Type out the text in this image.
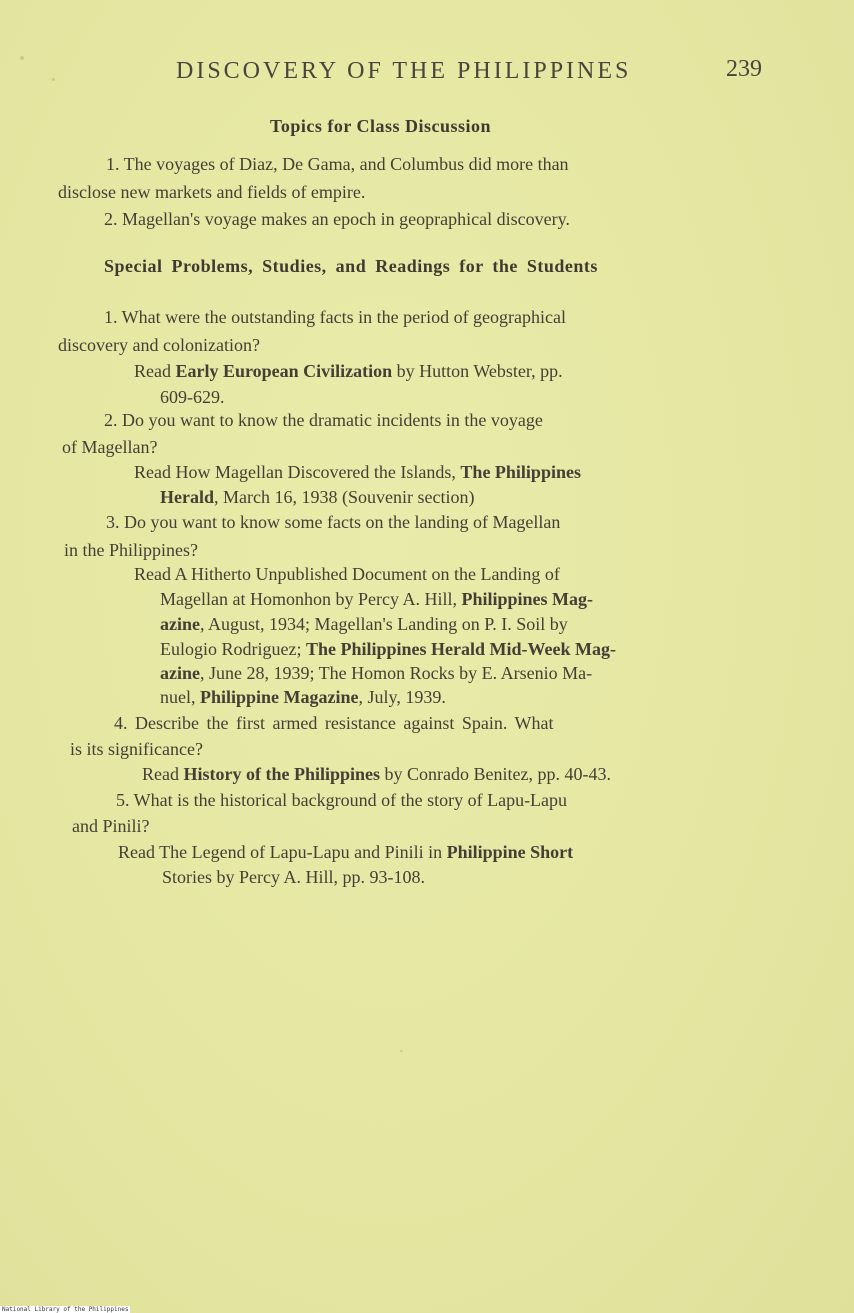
DISCOVERY OF THE PHILIPPINES	239
Topics for Class Discussion
1. The voyages of Diaz, De Gama, and Columbus did more than
disclose new markets and fields of empire.
2. Magellan's voyage makes an epoch in geopraphical discovery.
Special Problems, Studies, and Readings for the Students
1. What were the outstanding facts in the period of geographical
discovery and colonization?
Read Early European Civilization by Hutton Webster, pp.
609-629.
2. Do you want to know the dramatic incidents in the voyage
of Magellan?
Read How Magellan Discovered the Islands, The Philippines
Herald, March 16, 1938 (Souvenir section)
3. Do you want to know some facts on the landing of Magellan
in the Philippines?
Read A Hitherto Unpublished Document on the Landing of
Magellan at Homonhon by Percy A. Hill, Philippines Mag-
azine, August, 1934; Magellan's Landing on P. I. Soil by
Eulogio Rodriguez; The Philippines Herald Mid-Week Mag-
azine, June 28, 1939; The Homon Rocks by E. Arsenio Ma-
nuel, Philippine Magazine, July, 1939.
4. Describe the first armed resistance against Spain. What
is its significance?
Read History of the Philippines by Conrado Benitez, pp. 40-43.
5. What is the historical background of the story of Lapu-Lapu
and Pinili?
Read The Legend of Lapu-Lapu and Pinili in Philippine Short
Stories by Percy A. Hill, pp. 93-108.
National Library of the Philippines
